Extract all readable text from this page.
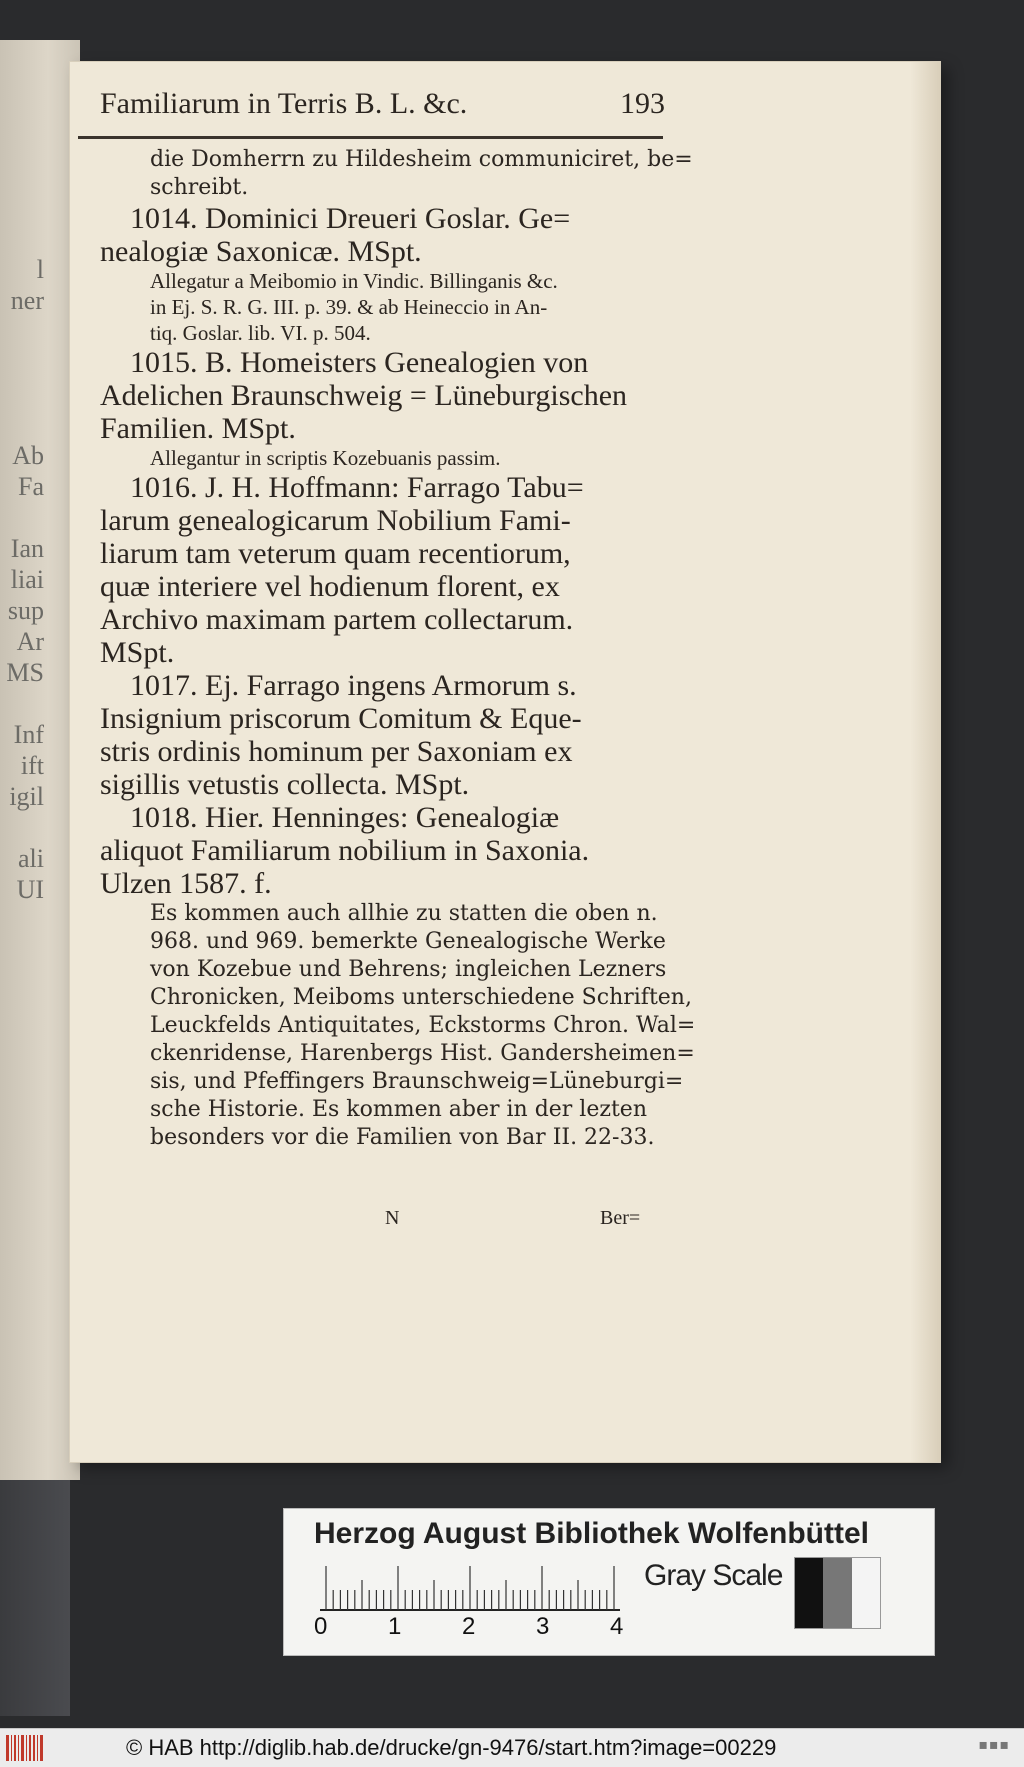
l
ner
Ab
Fa
Ian
liai
sup
Ar
MS
Inf
ift
igil
ali
UI
Familiarum in Terris B. L. &c.	193
die Domherrn zu Hildesheim communiciret, be=
schreibt.
1014. Dominici Dreueri Goslar. Ge=
nealogiæ Saxonicæ. MSpt.
Allegatur a Meibomio in Vindic. Billinganis &c.
in Ej. S. R. G. III. p. 39. & ab Heineccio in An-
tiq. Goslar. lib. VI. p. 504.
1015. B. Homeisters Genealogien von
Adelichen Braunschweig = Lüneburgischen
Familien. MSpt.
Allegantur in scriptis Kozebuanis passim.
1016. J. H. Hoffmann: Farrago Tabu=
larum genealogicarum Nobilium Fami-
liarum tam veterum quam recentiorum,
quæ interiere vel hodienum florent, ex
Archivo maximam partem collectarum.
MSpt.
1017. Ej. Farrago ingens Armorum s.
Insignium priscorum Comitum & Eque-
stris ordinis hominum per Saxoniam ex
sigillis vetustis collecta. MSpt.
1018. Hier. Henninges: Genealogiæ
aliquot Familiarum nobilium in Saxonia.
Ulzen 1587. f.
Es kommen auch allhie zu statten die oben n.
968. und 969. bemerkte Genealogische Werke
von Kozebue und Behrens; ingleichen Lezners
Chronicken, Meiboms unterschiedene Schriften,
Leuckfelds Antiquitates, Eckstorms Chron. Wal=
ckenridense, Harenbergs Hist. Gandersheimen=
sis, und Pfeffingers Braunschweig=Lüneburgi=
sche Historie. Es kommen aber in der lezten
besonders vor die Familien von Bar II. 22-33.
N	Ber=
Herzog August Bibliothek Wolfenbüttel
0	1	2	3	4
Gray Scale
© HAB http://diglib.hab.de/drucke/gn-9476/start.htm?image=00229	▪▪▪
